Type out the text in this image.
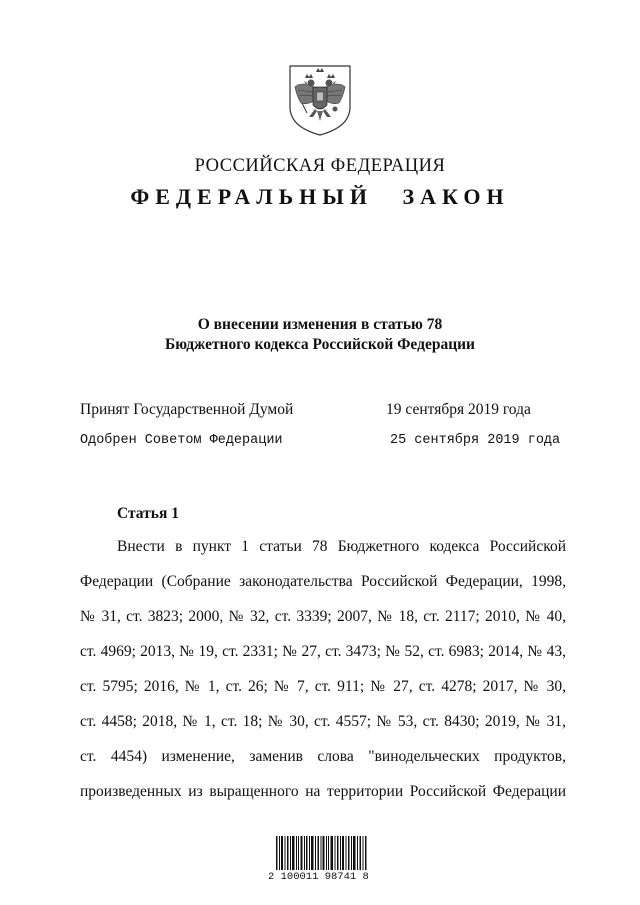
РОССИЙСКАЯ ФЕДЕРАЦИЯ
ФЕДЕРАЛЬНЫЙ ЗАКОН
О внесении изменения в статью 78
Бюджетного кодекса Российской Федерации
Принят Государственной Думой	19 сентября 2019 года
Одобрен Советом Федерации	25 сентября 2019 года
Статья 1
Внести в пункт 1 статьи 78 Бюджетного кодекса Российской
Федерации (Собрание законодательства Российской Федерации, 1998,
№ 31, ст. 3823; 2000, № 32, ст. 3339; 2007, № 18, ст. 2117; 2010, № 40,
ст. 4969; 2013, № 19, ст. 2331; № 27, ст. 3473; № 52, ст. 6983; 2014, № 43,
ст. 5795; 2016, № 1, ст. 26; № 7, ст. 911; № 27, ст. 4278; 2017, № 30,
ст. 4458; 2018, № 1, ст. 18; № 30, ст. 4557; № 53, ст. 8430; 2019, № 31,
ст. 4454) изменение, заменив слова "винодельческих продуктов,
произведенных из выращенного на территории Российской Федерации
2 100011 98741 8
